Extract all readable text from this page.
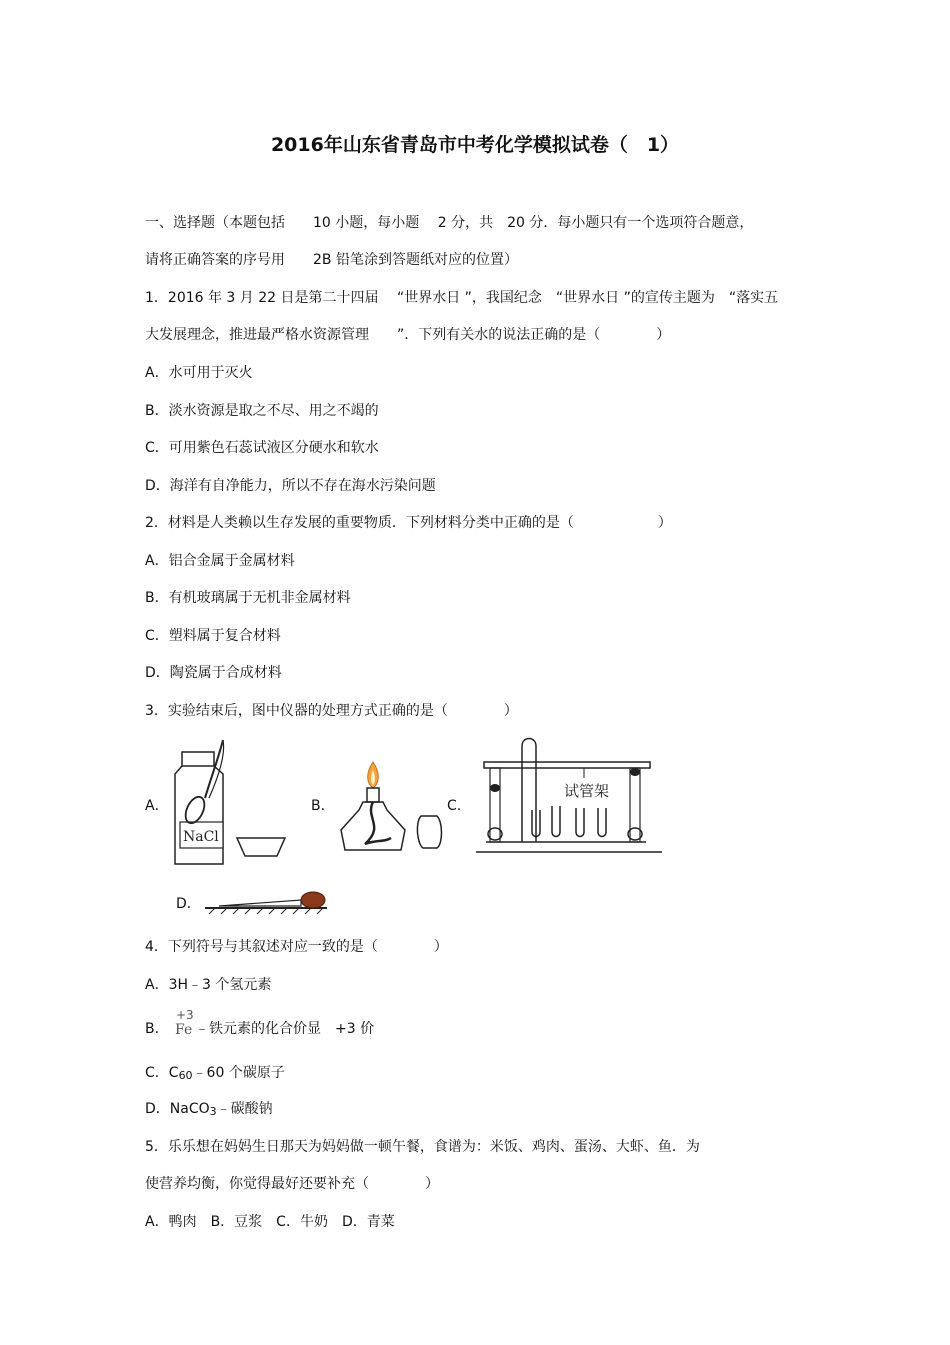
2016年山东省青岛市中考化学模拟试卷（　1）
一、选择题（本题包括　　10 小题，每小题　 2 分，共　20 分．每小题只有一个选项符合题意，
请将正确答案的序号用　　2B 铅笔涂到答题纸对应的位置）
1．2016 年 3 月 22 日是第二十四届　 “世界水日 ”，我国纪念　“世界水日 ”的宣传主题为　“落实五
大发展理念，推进最严格水资源管理　　”．下列有关水的说法正确的是（　　　　）
A．水可用于灭火
B．淡水资源是取之不尽、用之不竭的
C．可用紫色石蕊试液区分硬水和软水
D．海洋有自净能力，所以不存在海水污染问题
2．材料是人类赖以生存发展的重要物质．下列材料分类中正确的是（　　　　　　）
A．铝合金属于金属材料
B．有机玻璃属于无机非金属材料
C．塑料属于复合材料
D．陶瓷属于合成材料
3．实验结束后，图中仪器的处理方式正确的是（　　　　）
A．
NaCl
B．	C.
试管架
D．
4．下列符号与其叙述对应一致的是（　　　　）
A．3H﹣3 个氢元素
B．
+3
Fe ﹣铁元素的化合价显　+3 价
C．C60﹣60 个碳原子
D．NaCO3﹣碳酸钠
5．乐乐想在妈妈生日那天为妈妈做一顿午餐，食谱为：米饭、鸡肉、蛋汤、大虾、鱼．为
使营养均衡，你觉得最好还要补充（　　　　）
A．鸭肉　B．豆浆　C．牛奶　D．青菜
